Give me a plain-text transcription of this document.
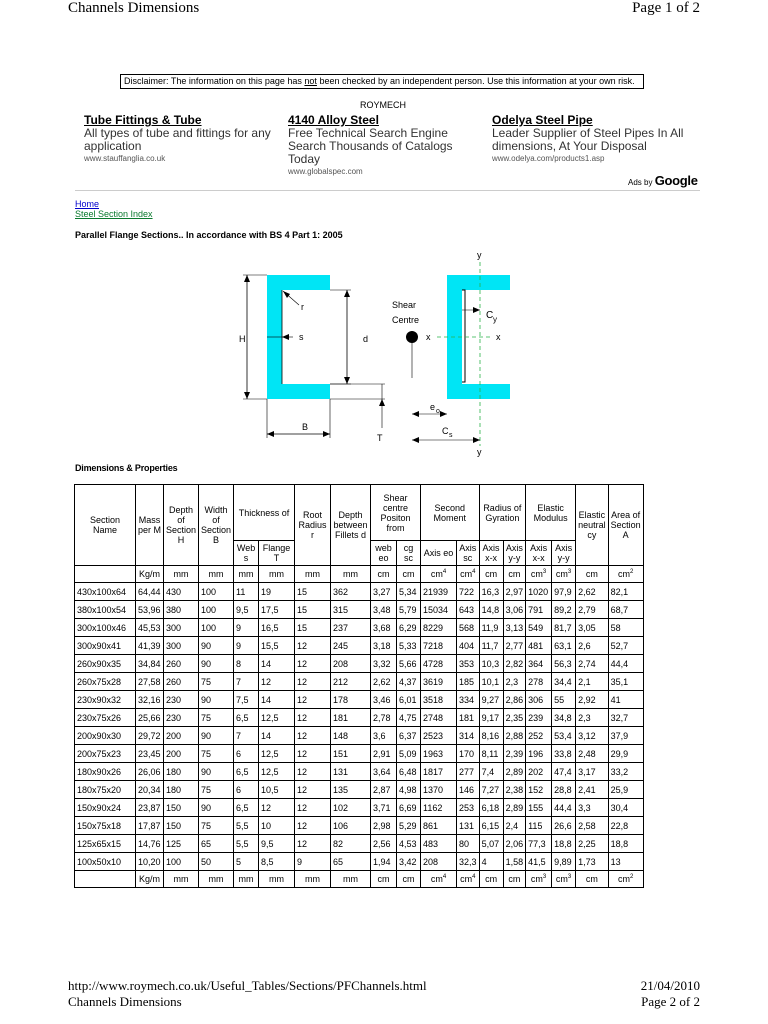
Channels Dimensions	Page 1 of 2
Disclaimer: The information on this page has not been checked by an independent person. Use this information at your own risk.
ROYMECH
Tube Fittings & Tube
All types of tube and fittings for any application
www.stauffanglia.co.uk
4140 Alloy Steel
Free Technical Search Engine Search Thousands of Catalogs Today
www.globalspec.com
Odelya Steel Pipe
Leader Supplier of Steel Pipes In All dimensions, At Your Disposal
www.odelya.com/products1.asp
Ads by Google
Home
Steel Section Index
Parallel Flange Sections.. In accordance with BS 4 Part 1: 2005
H	d
s
r
B
T
Shear
Centre
x	x
y
y
C y
e o
C s
Dimensions & Properties
Section Name	Mass per M	Depth of Section H	Width of Section B	Thickness of		Root Radius r	Depth between Fillets d	Shear centre Positon from		Second Moment		Radius of Gyration		Elastic Modulus		Elastic neutral cy	Area of Section A

				Web s	Flange T			web eo	cg sc	Axis eo	Axis sc	Axis x-x	Axis y-y	Axis x-x	Axis y-y		

	Kg/m	mm	mm	mm	mm	mm	mm	cm	cm	$cm^4$	$cm^4$	cm	cm	$cm^3$	$cm^3$	cm	$cm^2$
430x100x64	64,44	430	100	11	19	15	362	3,27	5,34	21939	722	16,3	2,97	1020	97,9	2,62	82,1
380x100x54	53,96	380	100	9,5	17,5	15	315	3,48	5,79	15034	643	14,8	3,06	791	89,2	2,79	68,7
300x100x46	45,53	300	100	9	16,5	15	237	3,68	6,29	8229	568	11,9	3,13	549	81,7	3,05	58
300x90x41	41,39	300	90	9	15,5	12	245	3,18	5,33	7218	404	11,7	2,77	481	63,1	2,6	52,7
260x90x35	34,84	260	90	8	14	12	208	3,32	5,66	4728	353	10,3	2,82	364	56,3	2,74	44,4
260x75x28	27,58	260	75	7	12	12	212	2,62	4,37	3619	185	10,1	2,3	278	34,4	2,1	35,1
230x90x32	32,16	230	90	7,5	14	12	178	3,46	6,01	3518	334	9,27	2,86	306	55	2,92	41
230x75x26	25,66	230	75	6,5	12,5	12	181	2,78	4,75	2748	181	9,17	2,35	239	34,8	2,3	32,7
200x90x30	29,72	200	90	7	14	12	148	3,6	6,37	2523	314	8,16	2,88	252	53,4	3,12	37,9
200x75x23	23,45	200	75	6	12,5	12	151	2,91	5,09	1963	170	8,11	2,39	196	33,8	2,48	29,9
180x90x26	26,06	180	90	6,5	12,5	12	131	3,64	6,48	1817	277	7,4	2,89	202	47,4	3,17	33,2
180x75x20	20,34	180	75	6	10,5	12	135	2,87	4,98	1370	146	7,27	2,38	152	28,8	2,41	25,9
150x90x24	23,87	150	90	6,5	12	12	102	3,71	6,69	1162	253	6,18	2,89	155	44,4	3,3	30,4
150x75x18	17,87	150	75	5,5	10	12	106	2,98	5,29	861	131	6,15	2,4	115	26,6	2,58	22,8
125x65x15	14,76	125	65	5,5	9,5	12	82	2,56	4,53	483	80	5,07	2,06	77,3	18,8	2,25	18,8
100x50x10	10,20	100	50	5	8,5	9	65	1,94	3,42	208	32,3	4	1,58	41,5	9,89	1,73	13
	Kg/m	mm	mm	mm	mm	mm	mm	cm	cm	$cm^4$	$cm^4$	cm	cm	$cm^3$	$cm^3$	cm	$cm^2$
http://www.roymech.co.uk/Useful_Tables/Sections/PFChannels.html
Channels Dimensions
21/04/2010
Page 2 of 2
